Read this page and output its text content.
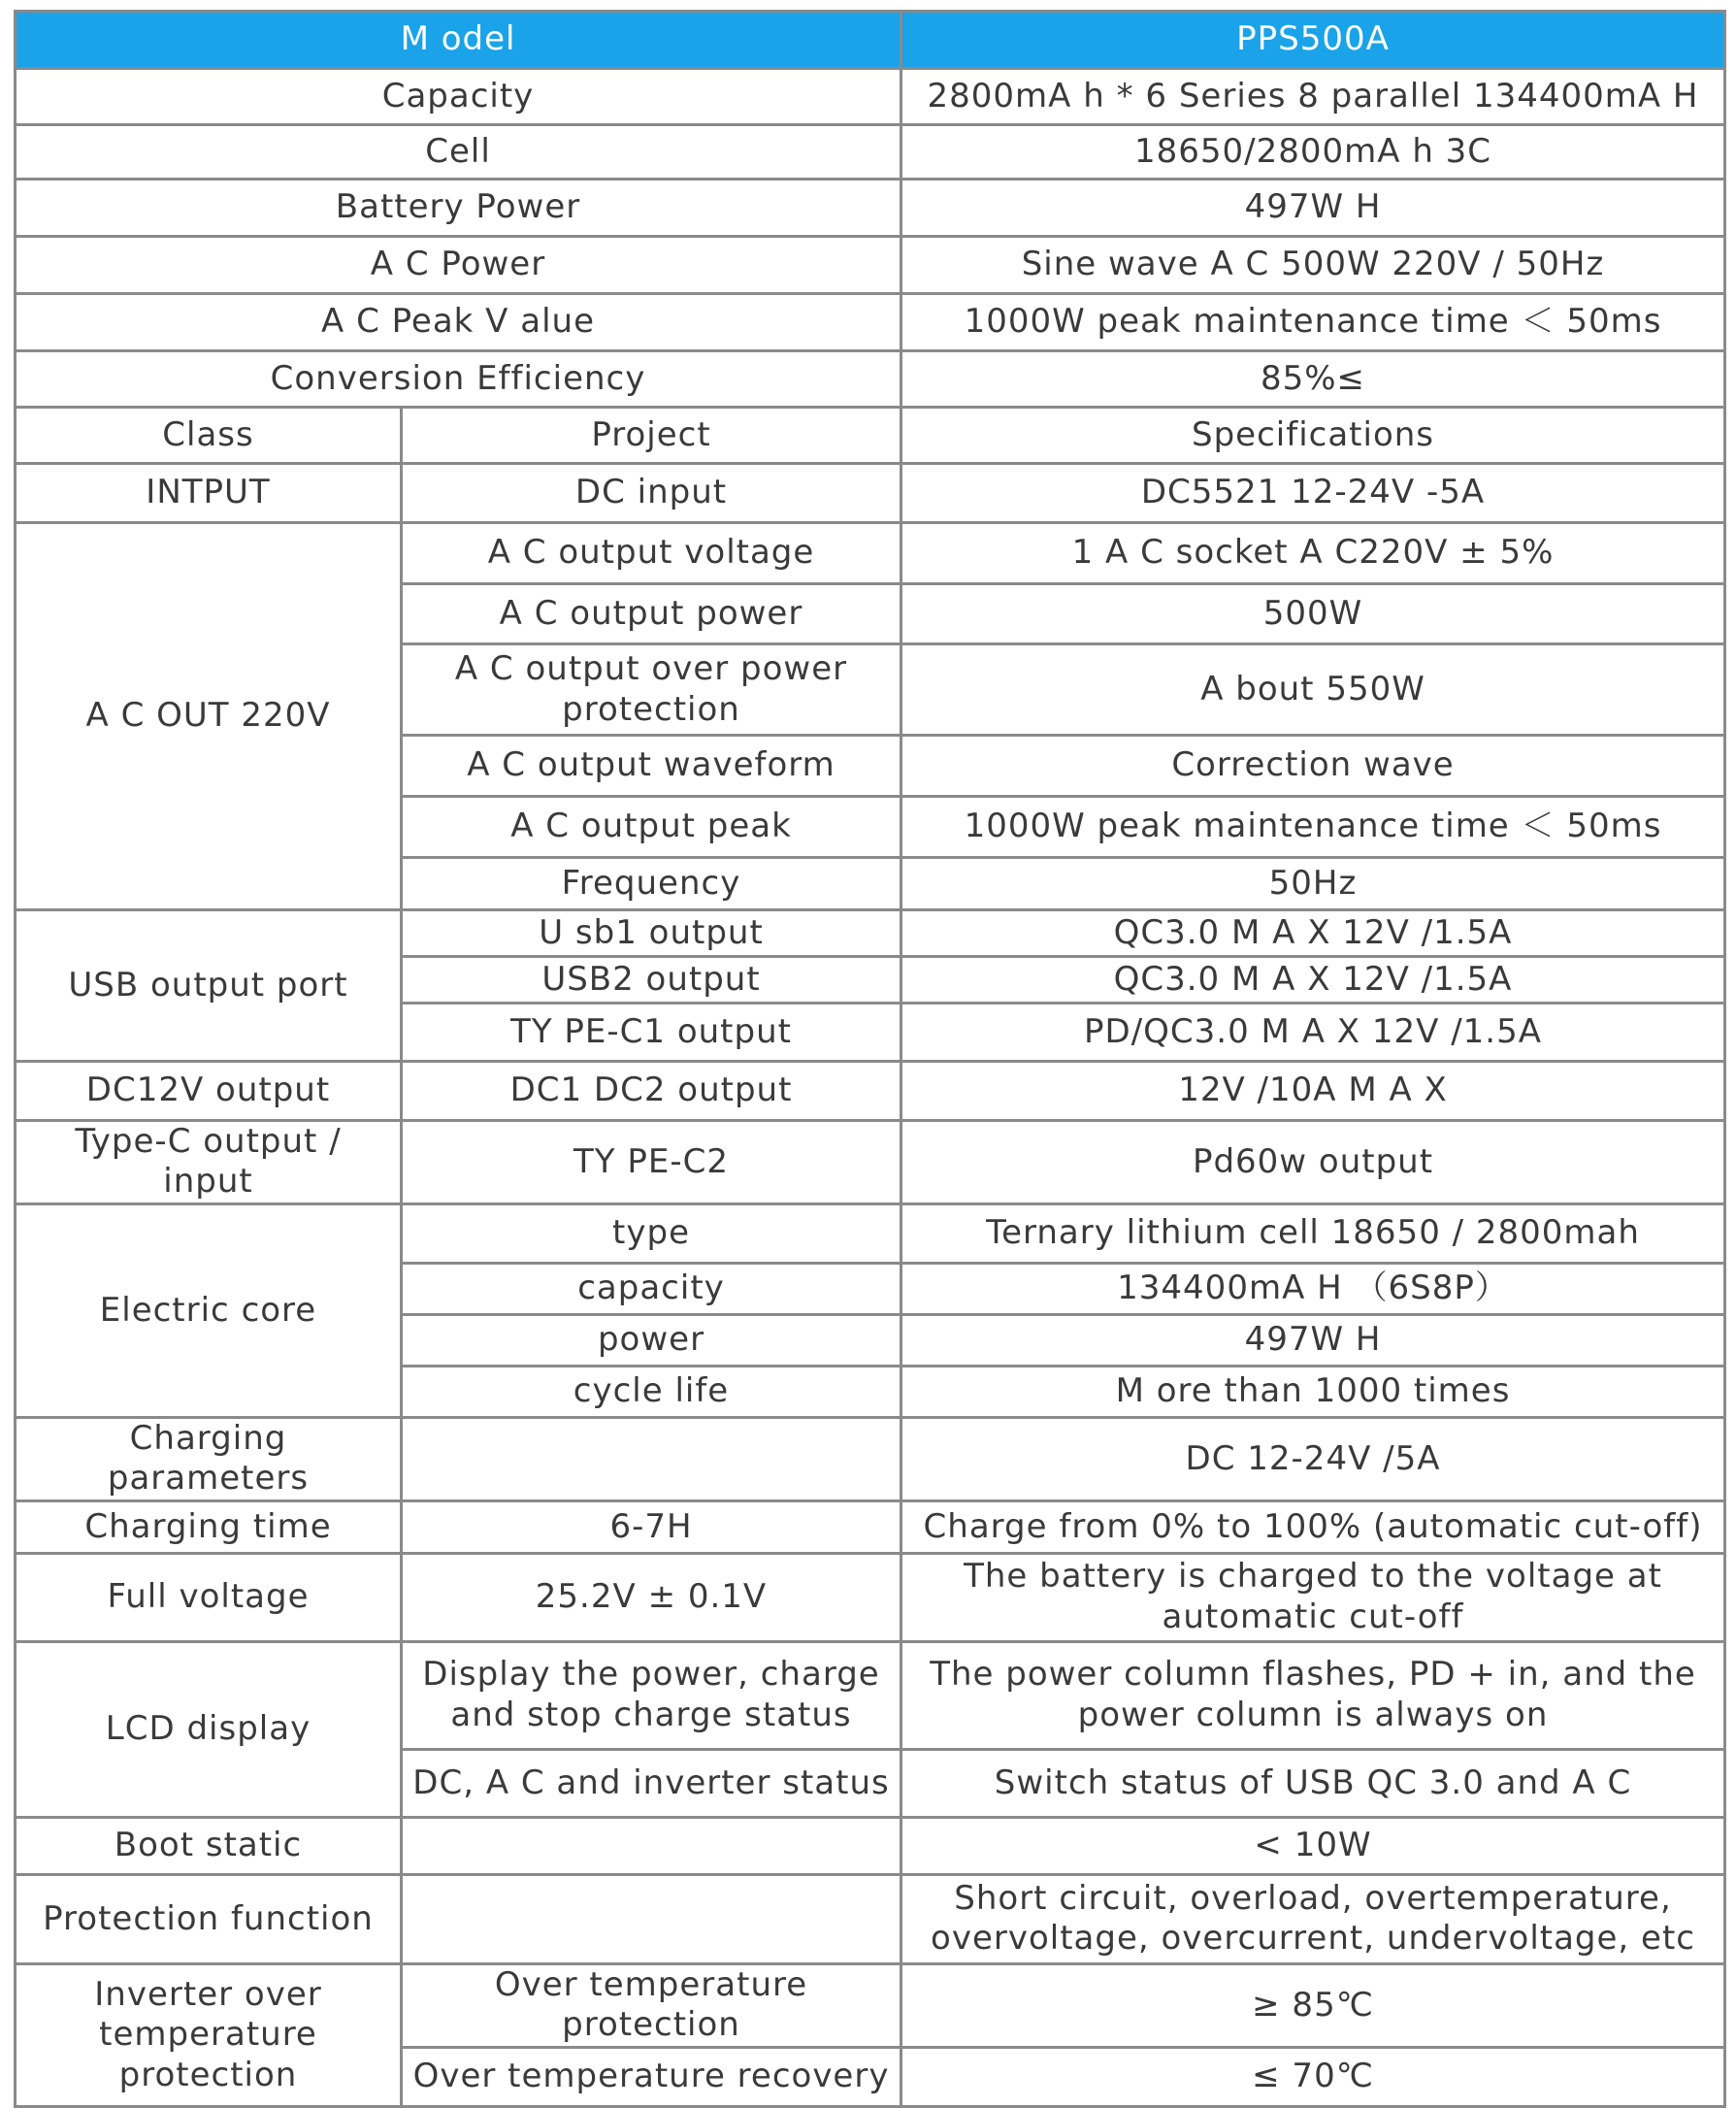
M odel		PPS500A
Capacity		2800mA h * 6 Series 8 parallel 134400mA H
Cell		18650/2800mA h 3C
Battery Power		497W H
A C Power		Sine wave A C 500W 220V / 50Hz
A C Peak V alue		1000W peak maintenance time ＜ 50ms
Conversion Efficiency		85%≤
Class	Project	Specifications
INTPUT	DC input	DC5521 12-24V -5A
A C OUT 220V	A C output voltage	1 A C socket A C220V ± 5%
	A C output power	500W
	A C output over power protection	A bout 550W
	A C output waveform	Correction wave
	A C output peak	1000W peak maintenance time ＜ 50ms
	Frequency	50Hz
USB output port	U sb1 output	QC3.0 M A X 12V /1.5A
	USB2 output	QC3.0 M A X 12V /1.5A
	TY PE-C1 output	PD/QC3.0 M A X 12V /1.5A
DC12V output	DC1 DC2 output	12V /10A M A X
Type-C output / input	TY PE-C2	Pd60w output
Electric core	type	Ternary lithium cell 18650 / 2800mah
	capacity	134400mA H （6S8P）
	power	497W H
	cycle life	M ore than 1000 times
Charging parameters		DC 12-24V /5A
Charging time	6-7H	Charge from 0% to 100% (automatic cut-off)
Full voltage	25.2V ± 0.1V	The battery is charged to the voltage at automatic cut-off
LCD display	Display the power, charge and stop charge status	The power column flashes, PD + in, and the power column is always on
	DC, A C and inverter status	Switch status of USB QC 3.0 and A C
Boot static		< 10W
Protection function		Short circuit, overload, overtemperature, overvoltage, overcurrent, undervoltage, etc
Inverter over temperature protection	Over temperature protection	≥ 85℃
	Over temperature recovery	≤ 70℃
